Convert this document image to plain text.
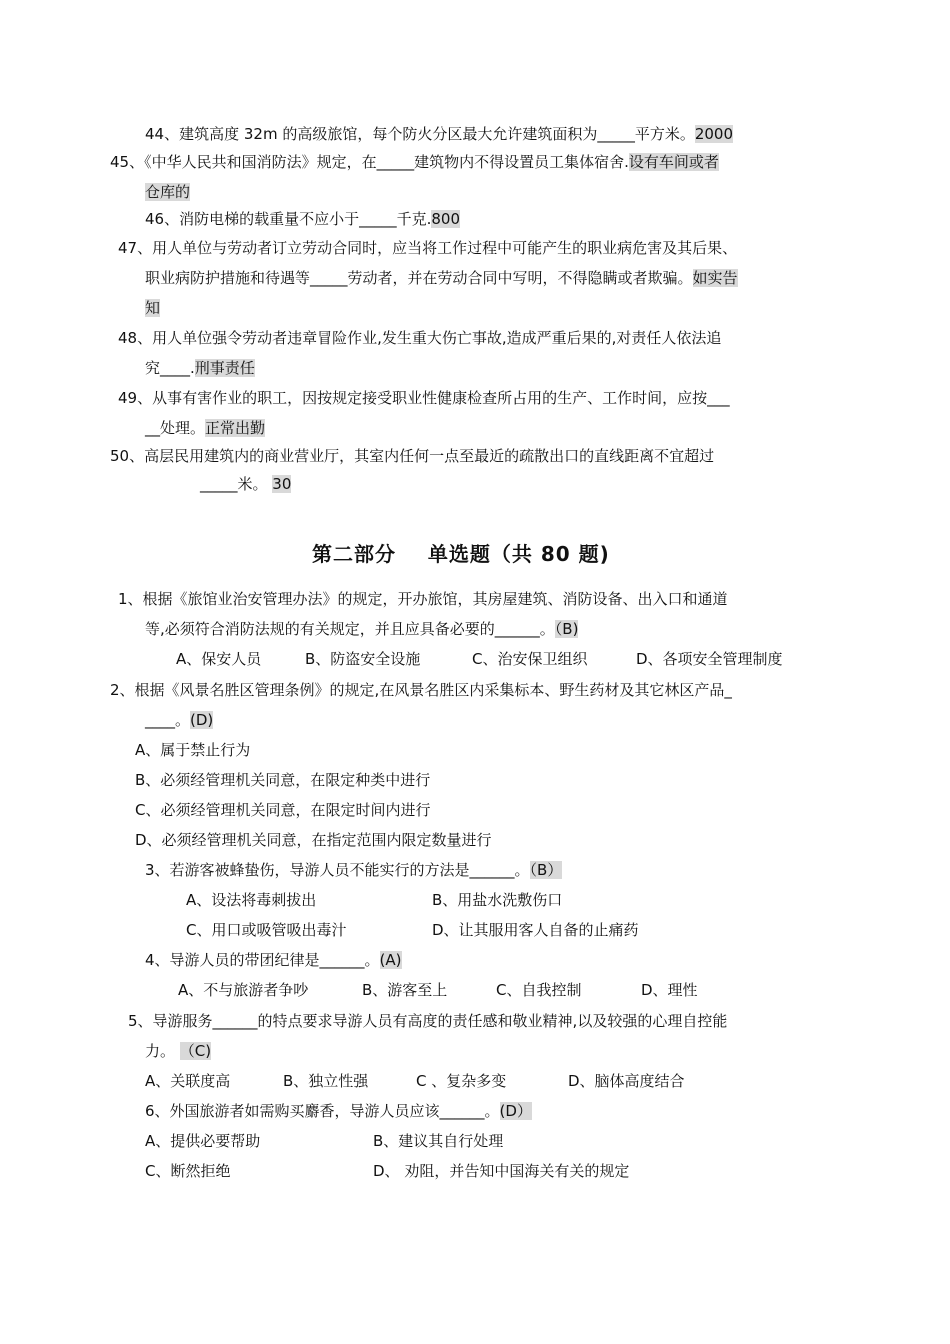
44、建筑高度 32m 的高级旅馆，每个防火分区最大允许建筑面积为_____平方米。2000
45、《中华人民共和国消防法》规定，在_____建筑物内不得设置员工集体宿舍.设有车间或者
仓库的
46、消防电梯的载重量不应小于_____千克.800
47、用人单位与劳动者订立劳动合同时，应当将工作过程中可能产生的职业病危害及其后果、
职业病防护措施和待遇等_____劳动者，并在劳动合同中写明，不得隐瞒或者欺骗。如实告
知
48、用人单位强令劳动者违章冒险作业,发生重大伤亡事故,造成严重后果的,对责任人依法追
究____.刑事责任
49、从事有害作业的职工，因按规定接受职业性健康检查所占用的生产、工作时间，应按___
__处理。正常出勤
50、高层民用建筑内的商业营业厅，其室内任何一点至最近的疏散出口的直线距离不宜超过
_____米。 30
第二部分    单选题（共 80 题)
1、根据《旅馆业治安管理办法》的规定，开办旅馆，其房屋建筑、消防设备、出入口和通道
等,必须符合消防法规的有关规定，并且应具备必要的______。（B)
A、保安人员	B、防盗安全设施	C、治安保卫组织	D、各项安全管理制度
2、根据《风景名胜区管理条例》的规定,在风景名胜区内采集标本、野生药材及其它林区产品_
____。(D)
A、属于禁止行为
B、必须经管理机关同意，在限定种类中进行
C、必须经管理机关同意，在限定时间内进行
D、必须经管理机关同意，在指定范围内限定数量进行
3、若游客被蜂蛰伤，导游人员不能实行的方法是______。（B）
A、设法将毒刺拔出	B、用盐水洗敷伤口
C、用口或吸管吸出毒汁	D、让其服用客人自备的止痛药
4、导游人员的带团纪律是______。(A)
A、不与旅游者争吵	B、游客至上	C、自我控制	D、理性
5、导游服务______的特点要求导游人员有高度的责任感和敬业精神,以及较强的心理自控能
力。 （C)
A、关联度高	B、独立性强	C 、复杂多变	D、脑体高度结合
6、外国旅游者如需购买麝香，导游人员应该______。(D）
A、提供必要帮助	B、建议其自行处理
C、断然拒绝	D、 劝阻，并告知中国海关有关的规定
